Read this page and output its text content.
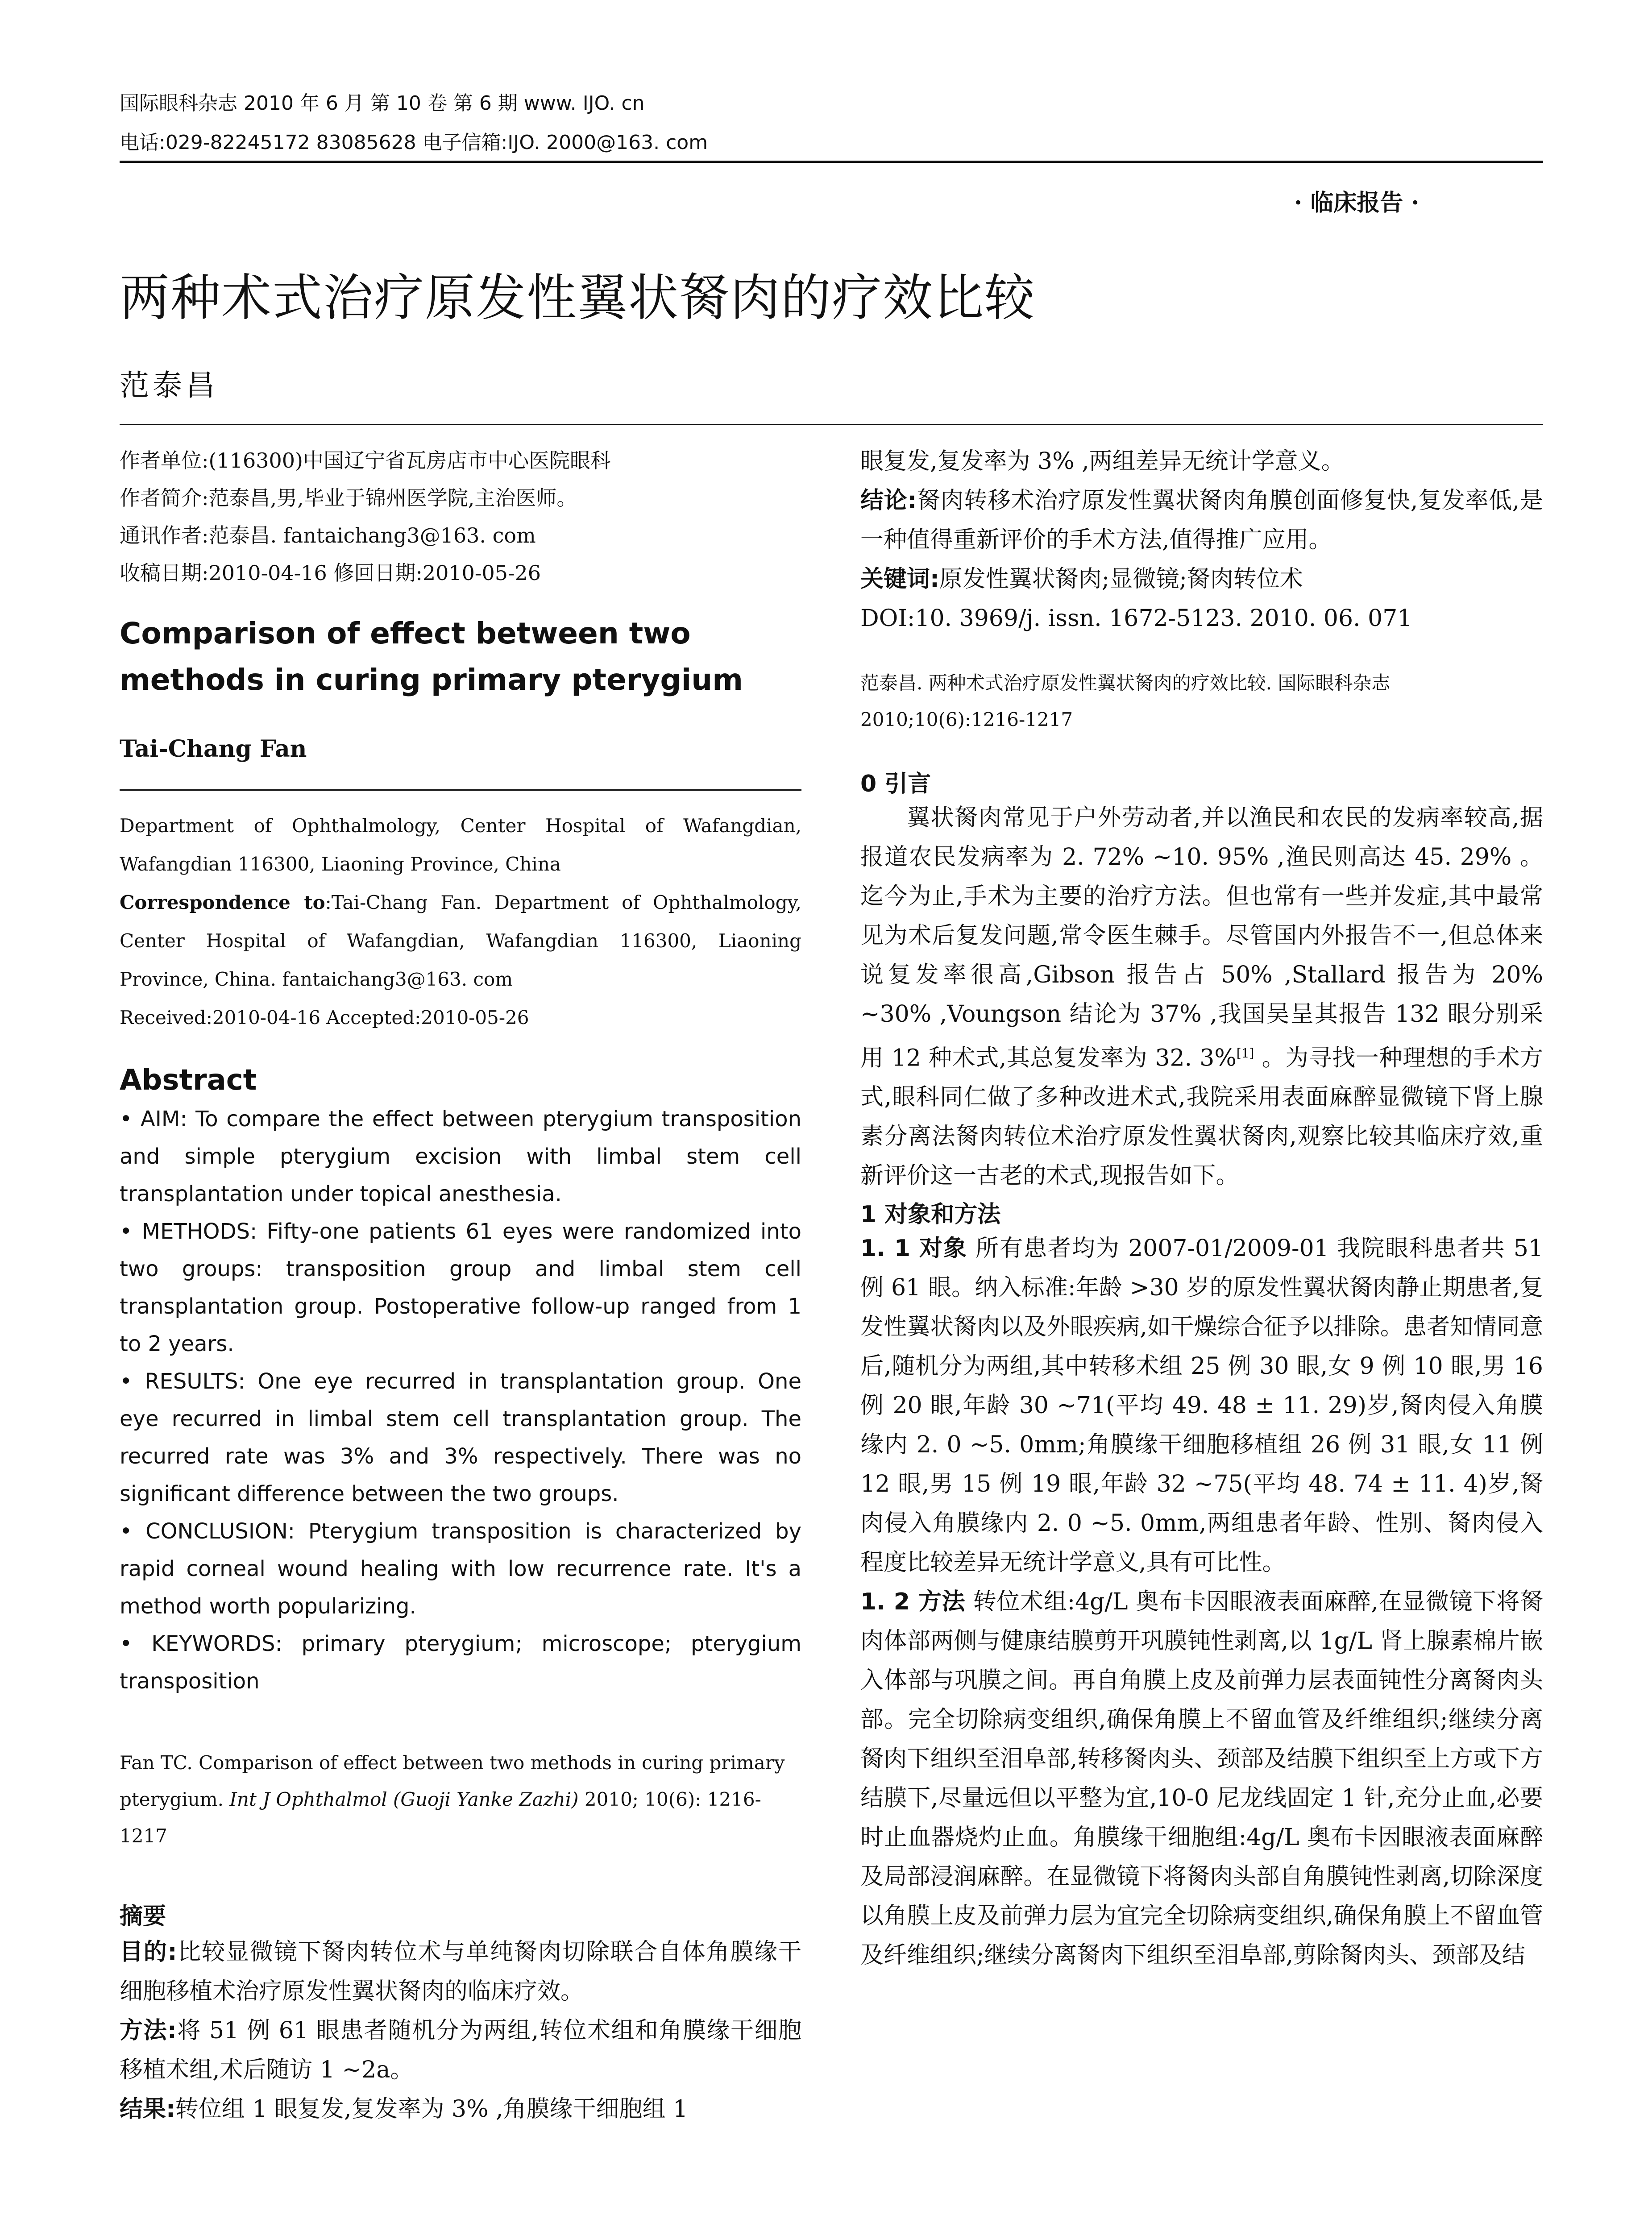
国际眼科杂志 2010 年 6 月 第 10 卷 第 6 期 www. IJO. cn
电话:029-82245172 83085628 电子信箱:IJO. 2000@163. com
· 临床报告 ·
两种术式治疗原发性翼状胬肉的疗效比较
范泰昌
作者单位:(116300)中国辽宁省瓦房店市中心医院眼科
作者简介:范泰昌,男,毕业于锦州医学院,主治医师。
通讯作者:范泰昌. fantaichang3@163. com
收稿日期:2010-04-16 修回日期:2010-05-26
Comparison of effect between two methods in curing primary pterygium
Tai-Chang Fan
Department of Ophthalmology, Center Hospital of Wafangdian, Wafangdian 116300, Liaoning Province, China
Correspondence to:Tai-Chang Fan. Department of Ophthalmology, Center Hospital of Wafangdian, Wafangdian 116300, Liaoning Province, China. fantaichang3@163. com
Received:2010-04-16 Accepted:2010-05-26
Abstract

• AIM: To compare the effect between pterygium transposition and simple pterygium excision with limbal stem cell transplantation under topical anesthesia.

• METHODS: Fifty-one patients 61 eyes were randomized into two groups: transposition group and limbal stem cell transplantation group. Postoperative follow-up ranged from 1 to 2 years.

• RESULTS: One eye recurred in transplantation group. One eye recurred in limbal stem cell transplantation group. The recurred rate was 3% and 3% respectively. There was no significant difference between the two groups.

• CONCLUSION: Pterygium transposition is characterized by rapid corneal wound healing with low recurrence rate. It's a method worth popularizing.

• KEYWORDS: primary pterygium; microscope; pterygium transposition

Fan TC. Comparison of effect between two methods in curing primary pterygium. Int J Ophthalmol (Guoji Yanke Zazhi) 2010; 10(6): 1216-1217
摘要

目的:比较显微镜下胬肉转位术与单纯胬肉切除联合自体角膜缘干细胞移植术治疗原发性翼状胬肉的临床疗效。

方法:将 51 例 61 眼患者随机分为两组,转位术组和角膜缘干细胞移植术组,术后随访 1 ~2a。

结果:转位组 1 眼复发,复发率为 3% ,角膜缘干细胞组 1

眼复发,复发率为 3% ,两组差异无统计学意义。

结论:胬肉转移术治疗原发性翼状胬肉角膜创面修复快,复发率低,是一种值得重新评价的手术方法,值得推广应用。

关键词:原发性翼状胬肉;显微镜;胬肉转位术

DOI:10. 3969/j. issn. 1672-5123. 2010. 06. 071

范泰昌. 两种术式治疗原发性翼状胬肉的疗效比较. 国际眼科杂志 2010;10(6):1216-1217
0 引言
翼状胬肉常见于户外劳动者,并以渔民和农民的发病率较高,据报道农民发病率为 2. 72% ~10. 95% ,渔民则高达 45. 29% 。迄今为止,手术为主要的治疗方法。但也常有一些并发症,其中最常见为术后复发问题,常令医生棘手。尽管国内外报告不一,但总体来说复发率很高,Gibson 报告占 50% ,Stallard 报告为 20% ~30% ,Voungson 结论为 37% ,我国吴呈其报告 132 眼分别采用 12 种术式,其总复发率为 32. 3%[1] 。为寻找一种理想的手术方式,眼科同仁做了多种改进术式,我院采用表面麻醉显微镜下肾上腺素分离法胬肉转位术治疗原发性翼状胬肉,观察比较其临床疗效,重新评价这一古老的术式,现报告如下。
1 对象和方法
1. 1 对象 所有患者均为 2007-01/2009-01 我院眼科患者共 51 例 61 眼。纳入标准:年龄 >30 岁的原发性翼状胬肉静止期患者,复发性翼状胬肉以及外眼疾病,如干燥综合征予以排除。患者知情同意后,随机分为两组,其中转移术组 25 例 30 眼,女 9 例 10 眼,男 16 例 20 眼,年龄 30 ~71(平均 49. 48 ± 11. 29)岁,胬肉侵入角膜缘内 2. 0 ~5. 0mm;角膜缘干细胞移植组 26 例 31 眼,女 11 例 12 眼,男 15 例 19 眼,年龄 32 ~75(平均 48. 74 ± 11. 4)岁,胬肉侵入角膜缘内 2. 0 ~5. 0mm,两组患者年龄、性别、胬肉侵入程度比较差异无统计学意义,具有可比性。
1. 2 方法 转位术组:4g/L 奥布卡因眼液表面麻醉,在显微镜下将胬肉体部两侧与健康结膜剪开巩膜钝性剥离,以 1g/L 肾上腺素棉片嵌入体部与巩膜之间。再自角膜上皮及前弹力层表面钝性分离胬肉头部。完全切除病变组织,确保角膜上不留血管及纤维组织;继续分离胬肉下组织至泪阜部,转移胬肉头、颈部及结膜下组织至上方或下方结膜下,尽量远但以平整为宜,10-0 尼龙线固定 1 针,充分止血,必要时止血器烧灼止血。角膜缘干细胞组:4g/L 奥布卡因眼液表面麻醉及局部浸润麻醉。在显微镜下将胬肉头部自角膜钝性剥离,切除深度以角膜上皮及前弹力层为宜完全切除病变组织,确保角膜上不留血管及纤维组织;继续分离胬肉下组织至泪阜部,剪除胬肉头、颈部及结
